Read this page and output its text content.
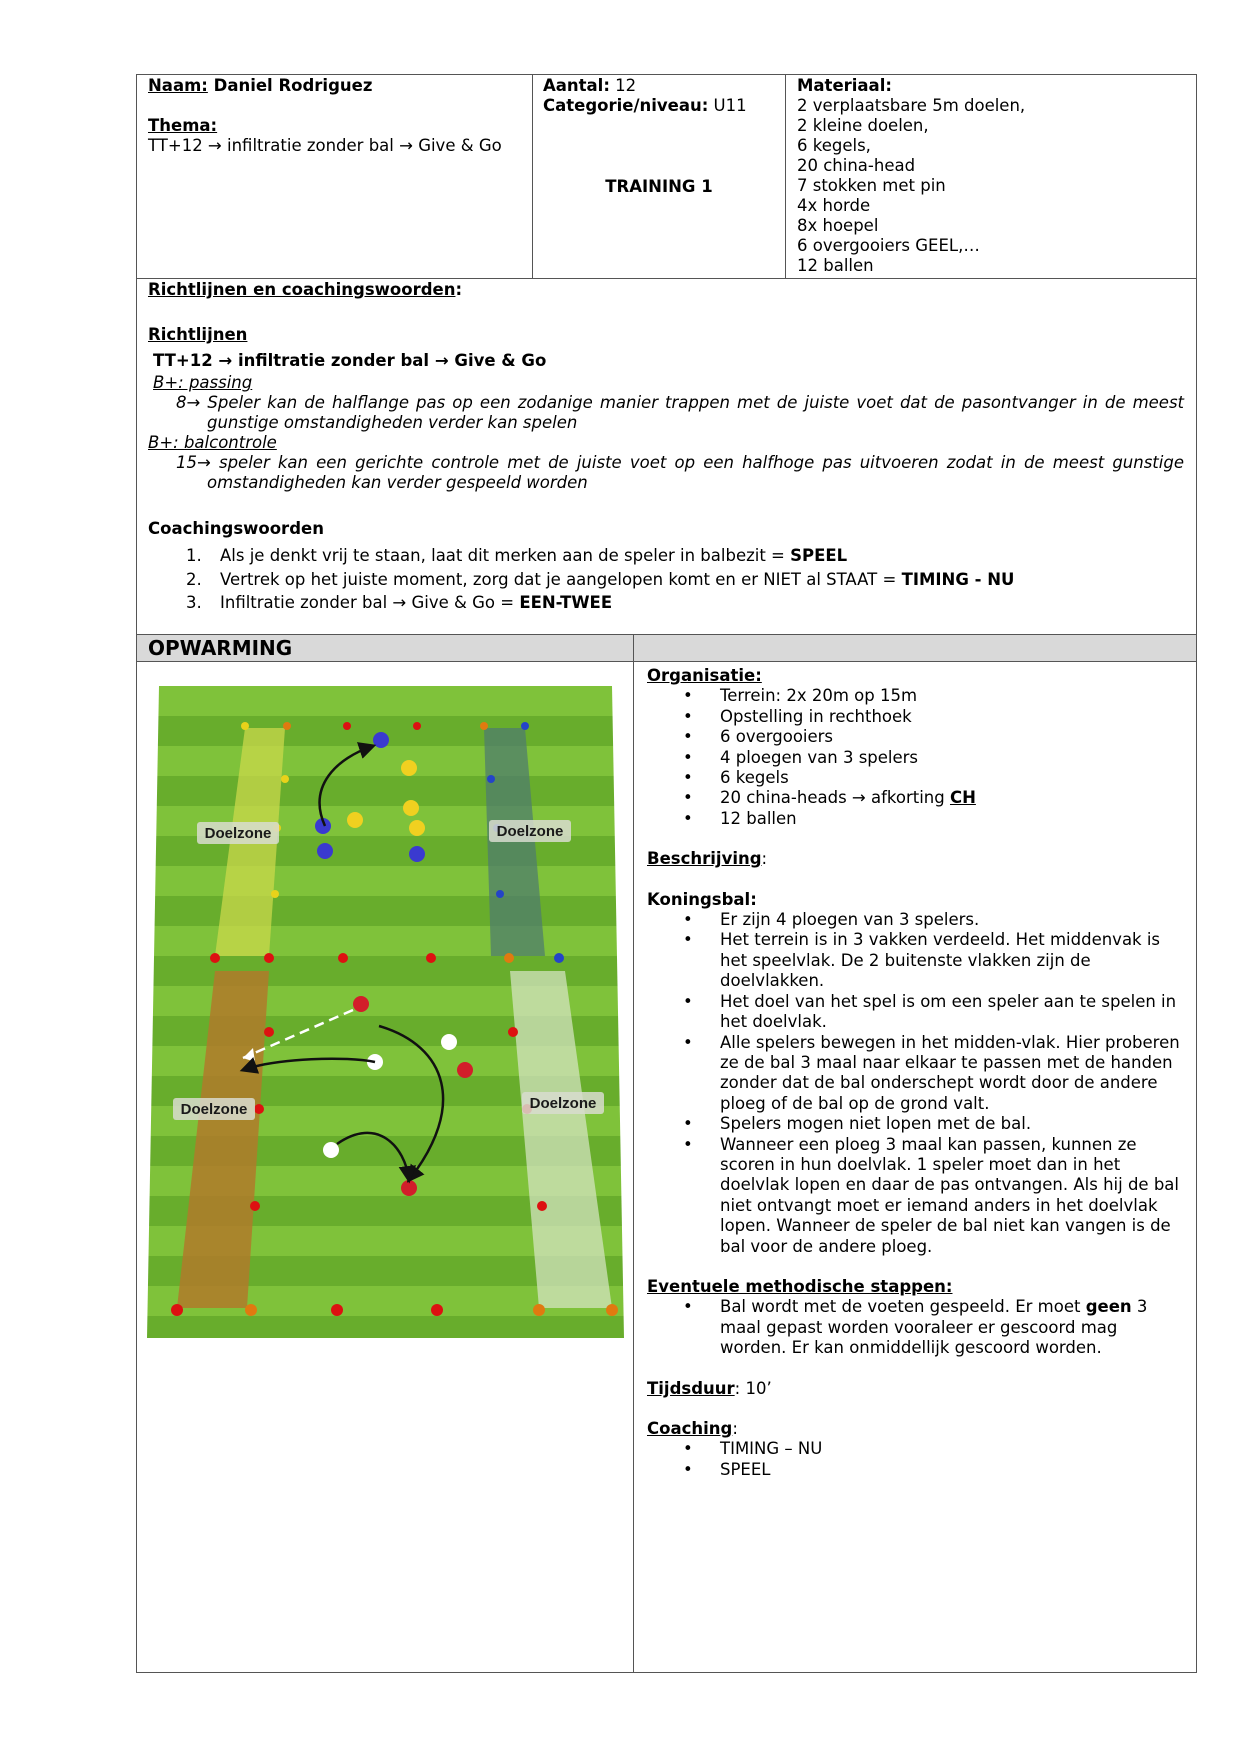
Naam: Daniel Rodriguez
Thema:
TT+12 → infiltratie zonder bal → Give & Go
Aantal: 12
Categorie/niveau: U11
TRAINING 1
Materiaal:
2 verplaatsbare 5m doelen,
2 kleine doelen,
6 kegels,
20 china-head
7 stokken met pin
4x horde
8x hoepel
6 overgooiers GEEL,…
12 ballen
Richtlijnen en coachingswoorden:
Richtlijnen
TT+12 → infiltratie zonder bal → Give & Go
B+: passing
8→ Speler kan de halflange pas op een zodanige manier trappen met de juiste voet dat de pasontvanger in de meest gunstige omstandigheden verder kan spelen
B+: balcontrole
15→ speler kan een gerichte controle met de juiste voet op een halfhoge pas uitvoeren zodat in de meest gunstige omstandigheden kan verder gespeeld worden
Coachingswoorden
1. Als je denkt vrij te staan, laat dit merken aan de speler in balbezit = SPEEL
2. Vertrek op het juiste moment, zorg dat je aangelopen komt en er NIET al STAAT = TIMING - NU
3. Infiltratie zonder bal → Give & Go = EEN-TWEE
OPWARMING
Doelzone	Doelzone
Doelzone	Doelzone
Organisatie:
• Terrein: 2x 20m op 15m
• Opstelling in rechthoek
• 6 overgooiers
• 4 ploegen van 3 spelers
• 6 kegels
• 20 china-heads → afkorting CH
• 12 ballen
Beschrijving:
Koningsbal:
• Er zijn 4 ploegen van 3 spelers.
• Het terrein is in 3 vakken verdeeld. Het middenvak is het speelvlak. De 2 buitenste vlakken zijn de doelvlakken.
• Het doel van het spel is om een speler aan te spelen in het doelvlak.
• Alle spelers bewegen in het midden-vlak. Hier proberen ze de bal 3 maal naar elkaar te passen met de handen zonder dat de bal onderschept wordt door de andere ploeg of de bal op de grond valt.
• Spelers mogen niet lopen met de bal.
• Wanneer een ploeg 3 maal kan passen, kunnen ze scoren in hun doelvlak. 1 speler moet dan in het doelvlak lopen en daar de pas ontvangen. Als hij de bal niet ontvangt moet er iemand anders in het doelvlak lopen. Wanneer de speler de bal niet kan vangen is de bal voor de andere ploeg.
Eventuele methodische stappen:
• Bal wordt met de voeten gespeeld. Er moet geen 3 maal gepast worden vooraleer er gescoord mag worden. Er kan onmiddellijk gescoord worden.
Tijdsduur: 10’
Coaching:
• TIMING – NU
• SPEEL
